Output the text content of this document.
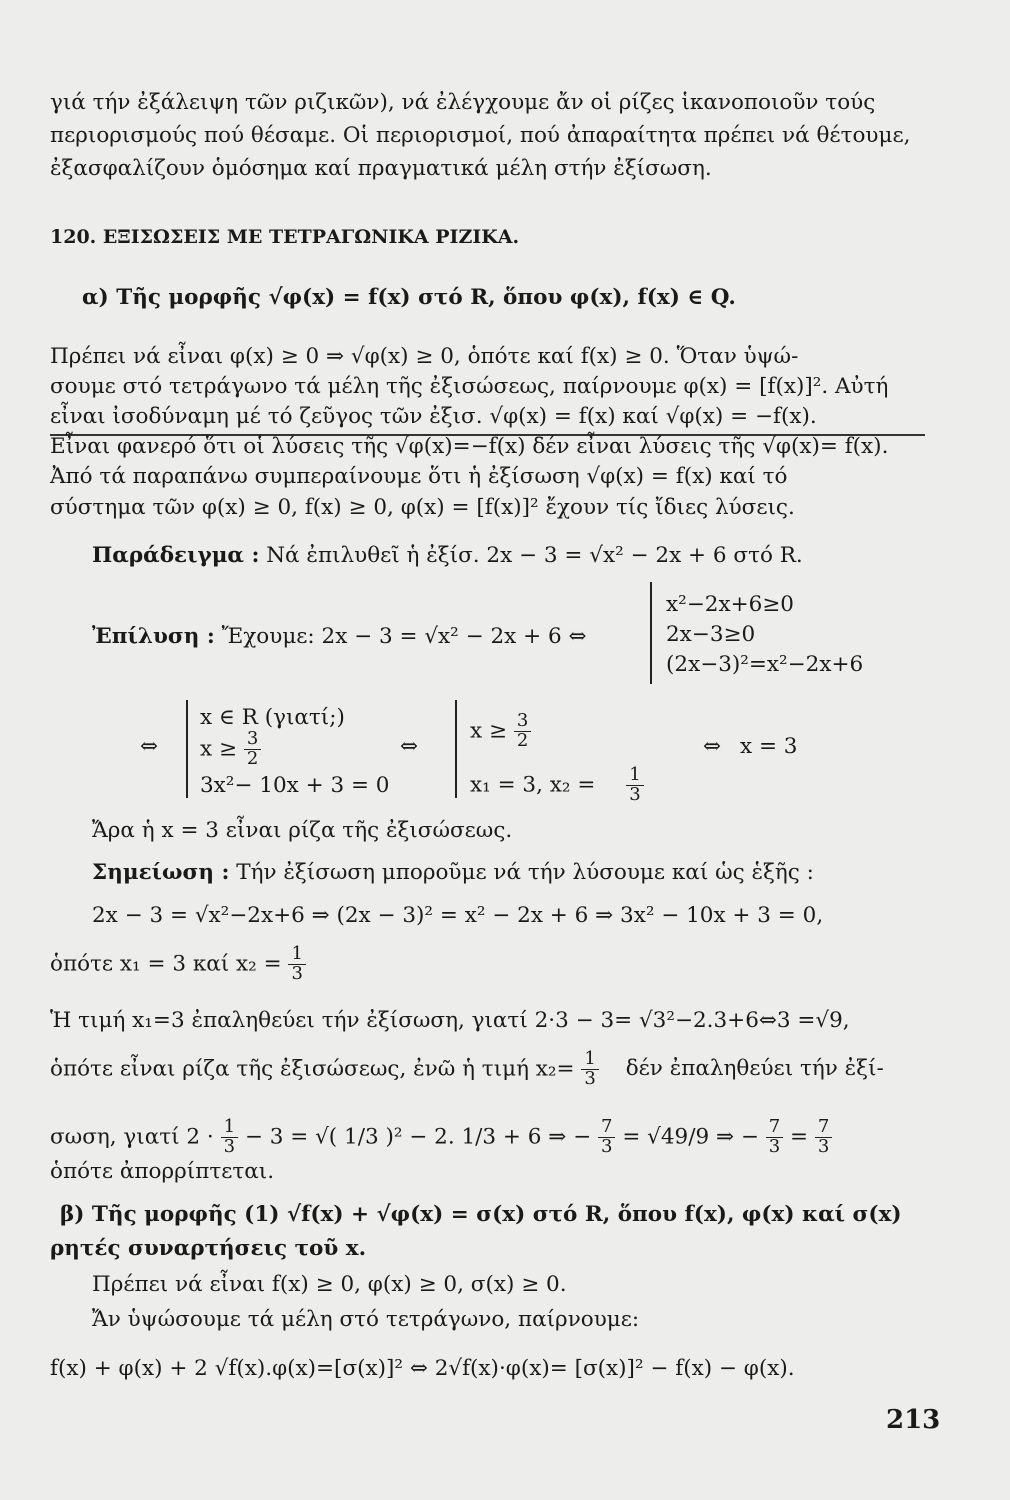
γιά τήν ἐξάλειψη τῶν ριζικῶν), νά ἐλέγχουμε ἄν οἱ ρίζες ἱκανοποιοῦν τούς
περιορισμούς πού θέσαμε. Οἱ περιορισμοί, πού ἀπαραίτητα πρέπει νά θέτουμε,
ἐξασφαλίζουν ὁμόσημα καί πραγματικά μέλη στήν ἐξίσωση.
120. ΕΞΙΣΩΣΕΙΣ ΜΕ ΤΕΤΡΑΓΩΝΙΚΑ ΡΙΖΙΚΑ.
α) Τῆς μορφῆς √φ(x) = f(x) στό R, ὅπου φ(x), f(x) ∈ Q.
Πρέπει νά εἶναι φ(x) ≥ 0 ⇒ √φ(x) ≥ 0, ὁπότε καί f(x) ≥ 0. Ὅταν ὑψώ-
σουμε στό τετράγωνο τά μέλη τῆς ἐξισώσεως, παίρνουμε φ(x) = [f(x)]². Αὐτή
εἶναι ἰσοδύναμη μέ τό ζεῦγος τῶν ἐξισ. √φ(x) = f(x) καί √φ(x) = −f(x).
Εἶναι φανερό ὅτι οἱ λύσεις τῆς √φ(x)=−f(x) δέν εἶναι λύσεις τῆς √φ(x)= f(x).
Ἀπό τά παραπάνω συμπεραίνουμε ὅτι ἡ ἐξίσωση √φ(x) = f(x) καί τό
σύστημα τῶν φ(x) ≥ 0, f(x) ≥ 0, φ(x) = [f(x)]² ἔχουν τίς ἴδιες λύσεις.
Παράδειγμα : Νά ἐπιλυθεῖ ἡ ἐξίσ. 2x − 3 = √x² − 2x + 6 στό R.
Ἐπίλυση : Ἔχουμε: 2x − 3 = √x² − 2x + 6 ⇔
x²−2x+6≥0
2x−3≥0
(2x−3)²=x²−2x+6
⇔
x ∈ R (γιατί;)
$x \ge \frac{3}{2}$
3x²− 10x + 3 = 0
⇔
$x \ge \frac{3}{2}$
x₁ = 3, $x_2 = \frac{1}{3}$
⇔ x = 3
Ἄρα ἡ x = 3 εἶναι ρίζα τῆς ἐξισώσεως.
Σημείωση : Τήν ἐξίσωση μποροῦμε νά τήν λύσουμε καί ὡς ἑξῆς :
2x − 3 = √x²−2x+6 ⇒ (2x − 3)² = x² − 2x + 6 ⇒ 3x² − 10x + 3 = 0,
ὁπότε x₁ = 3 καί $x_2 = \frac{1}{3}$
Ἡ τιμή x₁=3 ἐπαληθεύει τήν ἐξίσωση, γιατί 2·3 − 3= √3²−2.3+6⇔3 =√9,
ὁπότε εἶναι ρίζα τῆς ἐξισώσεως, ἐνῶ ἡ τιμή $x_2= \frac{1}{3}$ δέν ἐπαληθεύει τήν ἐξί-
σωση, γιατί $2 \cdot \frac{1}{3} - 3$ = √( 1/3 )² − 2. 1/3 + 6 ⇒ − $\frac{7}{3} = √49/9$ ⇒ − $\frac{7}{3} = \frac{7}{3}$
ὁπότε ἀπορρίπτεται.
β) Τῆς μορφῆς (1) √f(x) + √φ(x) = σ(x) στό R, ὅπου f(x), φ(x) καί σ(x)
ρητές συναρτήσεις τοῦ x.
Πρέπει νά εἶναι f(x) ≥ 0, φ(x) ≥ 0, σ(x) ≥ 0.
Ἄν ὑψώσουμε τά μέλη στό τετράγωνο, παίρνουμε:
f(x) + φ(x) + 2 √f(x).φ(x)=[σ(x)]² ⇔ 2√f(x)·φ(x)= [σ(x)]² − f(x) − φ(x).
213
